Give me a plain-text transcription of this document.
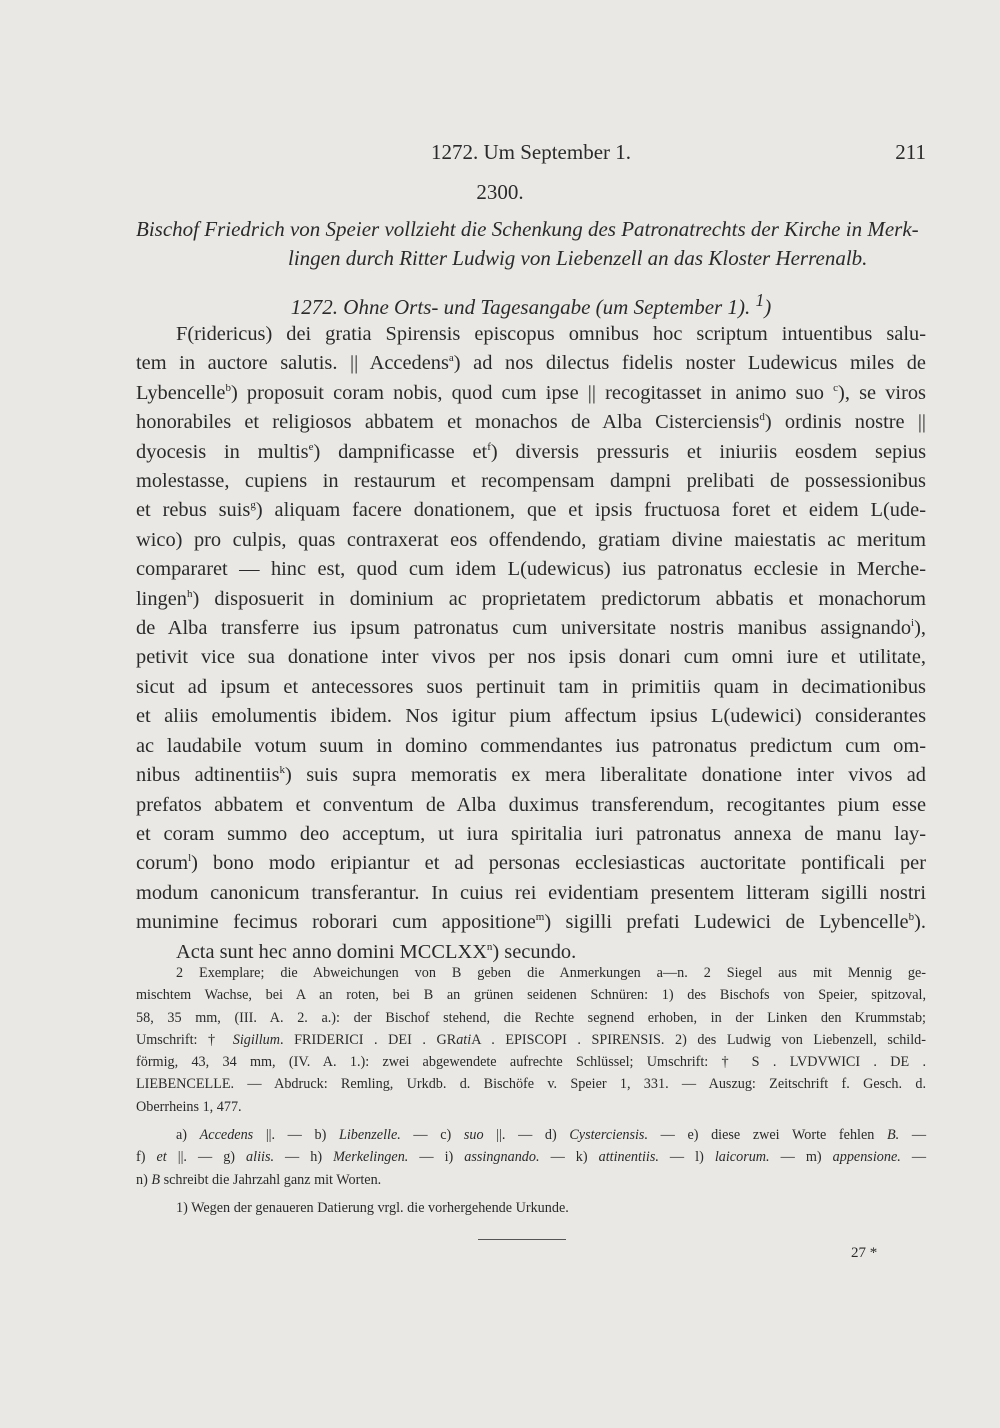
1272. Um September 1.	211
2300.
Bischof Friedrich von Speier vollzieht die Schenkung des Patronatrechts der Kirche in Merk-
lingen durch Ritter Ludwig von Liebenzell an das Kloster Herrenalb.
1272. Ohne Orts- und Tagesangabe (um September 1). $^1$)

F(ridericus) dei gratia Spirensis episcopus omnibus hoc scriptum intuentibus salu-

tem in auctore salutis. || Accedens$^a$) ad nos dilectus fidelis noster Ludewicus miles de

Lybencelle$^b$) proposuit coram nobis, quod cum ipse || recogitasset in animo suo $^c$), se viros

honorabiles et religiosos abbatem et monachos de Alba Cisterciensis$^d$) ordinis nostre ||

dyocesis in multis$^e$) dampnificasse $et^f$) diversis pressuris et iniuriis eosdem sepius

molestasse, cupiens in restaurum et recompensam dampni prelibati de possessionibus

et rebus suis$^g$) aliquam facere donationem, que et ipsis fructuosa foret et eidem L(ude-

wico) pro culpis, quas contraxerat eos offendendo, gratiam divine maiestatis ac meritum

compararet — hinc est, quod cum idem L(udewicus) ius patronatus ecclesie in Merche-

lingen$^h$) disposuerit in dominium ac proprietatem predictorum abbatis et monachorum

de Alba transferre ius ipsum patronatus cum universitate nostris manibus assignando$^i$),

petivit vice sua donatione inter vivos per nos ipsis donari cum omni iure et utilitate,

sicut ad ipsum et antecessores suos pertinuit tam in primitiis quam in decimationibus

et aliis emolumentis ibidem. Nos igitur pium affectum ipsius L(udewici) considerantes

ac laudabile votum suum in domino commendantes ius patronatus predictum cum om-

nibus adtinentiis$^k$) suis supra memoratis ex mera liberalitate donatione inter vivos ad

prefatos abbatem et conventum de Alba duximus transferendum, recogitantes pium esse

et coram summo deo acceptum, ut iura spiritalia iuri patronatus annexa de manu lay-

corum$^l$) bono modo eripiantur et ad personas ecclesiasticas auctoritate pontificali per

modum canonicum transferantur. In cuius rei evidentiam presentem litteram sigilli nostri

munimine fecimus roborari cum appositione$^m$) sigilli prefati Ludewici de Lybencelle$^b$).

Acta sunt hec anno domini MCCLXX$^n$) secundo.

2 Exemplare; die Abweichungen von B geben die Anmerkungen a—n. 2 Siegel aus mit Mennig ge-

mischtem Wachse, bei A an roten, bei B an grünen seidenen Schnüren: 1) des Bischofs von Speier, spitzoval,

58, 35 mm, (III. A. 2. a.): der Bischof stehend, die Rechte segnend erhoben, in der Linken den Krummstab;

Umschrift: † Sigillum. FRIDERICI . DEI . GRatiA . EPISCOPI . SPIRENSIS. 2) des Ludwig von Liebenzell, schild-

förmig, 43, 34 mm, (IV. A. 1.): zwei abgewendete aufrechte Schlüssel; Umschrift: † S . LVDVWICI . DE .

LIEBENCELLE. — Abdruck: Remling, Urkdb. d. Bischöfe v. Speier 1, 331. — Auszug: Zeitschrift f. Gesch. d.

Oberrheins 1, 477.

a) Accedens ||. — b) Libenzelle. — c) suo ||. — d) Cysterciensis. — e) diese zwei Worte fehlen B. —

f) et ||. — g) aliis. — h) Merkelingen. — i) assingnando. — k) attinentiis. — l) laicorum. — m) appensione. —

n) B schreibt die Jahrzahl ganz mit Worten.

1) Wegen der genaueren Datierung vrgl. die vorhergehende Urkunde.

27 *
